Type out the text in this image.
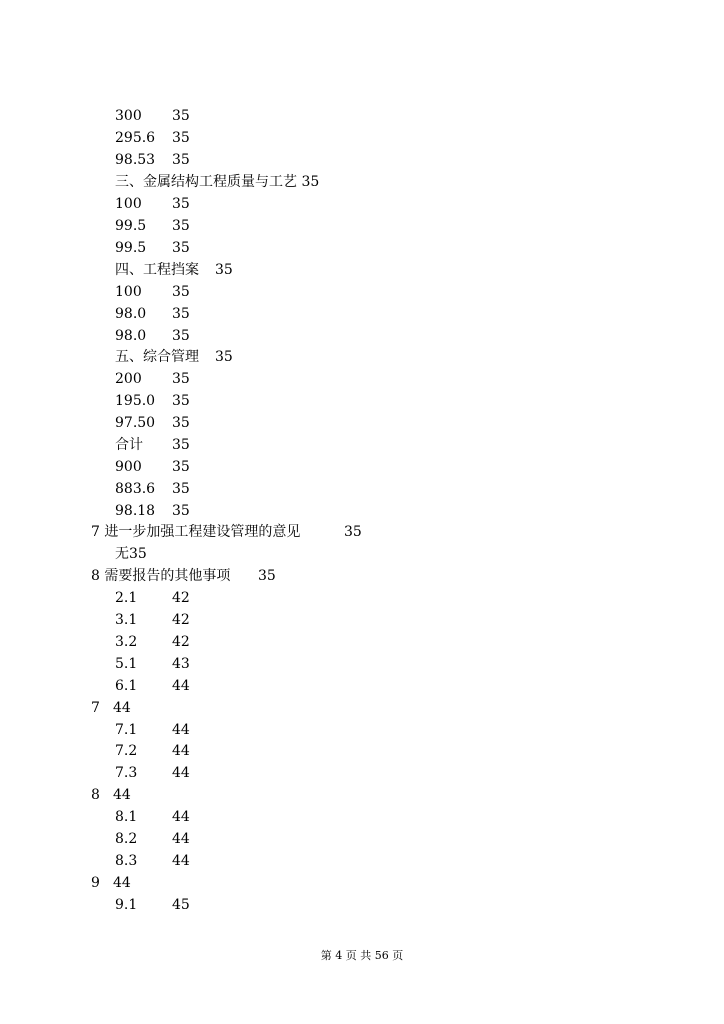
300 35
295.6 35
98.53 35
三、金属结构工程质量与工艺 35
100 35
99.5 35
99.5 35
四、工程挡案 35
100 35
98.0 35
98.0 35
五、综合管理 35
200 35
195.0 35
97.50 35
合计 35
900 35
883.6 35
98.18 35
7 进一步加强工程建设管理的意见	35
无35
8 需要报告的其他事项 35
2.1 42
3.1 42
3.2 42
5.1 43
6.1 44
7 44
7.1 44
7.2 44
7.3 44
8 44
8.1 44
8.2 44
8.3 44
9 44
9.1 45
第 4 页 共 56 页
